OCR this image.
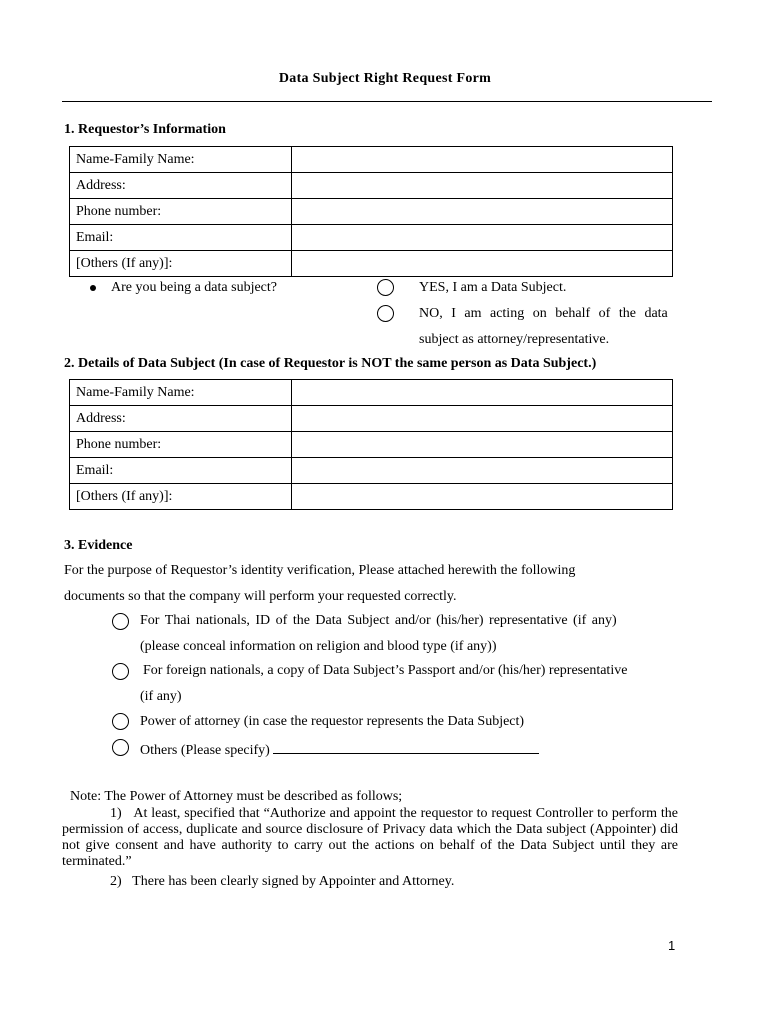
Data Subject Right Request Form
1. Requestor’s Information
Name-Family Name:	
Address:	
Phone number:	
Email:	
[Others (If any)]:	
Are you being a data subject?	YES, I am a Data Subject.
NO, I am acting on behalf of the data
subject as attorney/representative.
2. Details of Data Subject (In case of Requestor is NOT the same person as Data Subject.)
Name-Family Name:	
Address:	
Phone number:	
Email:	
[Others (If any)]:	
3. Evidence
For the purpose of Requestor’s identity verification, Please attached herewith the following
documents so that the company will perform your requested correctly.
For Thai nationals, ID of the Data Subject and/or (his/her) representative (if any)
(please conceal information on religion and blood type (if any))
For foreign nationals, a copy of Data Subject’s Passport and/or (his/her) representative
(if any)
Power of attorney (in case the requestor represents the Data Subject)
Others (Please specify)
Note: The Power of Attorney must be described as follows;
1) At least, specified that “Authorize and appoint the requestor to request Controller to perform the permission of access, duplicate and source disclosure of Privacy data which the Data subject (Appointer) did not give consent and have authority to carry out the actions on behalf of the Data Subject until they are terminated.”
2) There has been clearly signed by Appointer and Attorney.
1
